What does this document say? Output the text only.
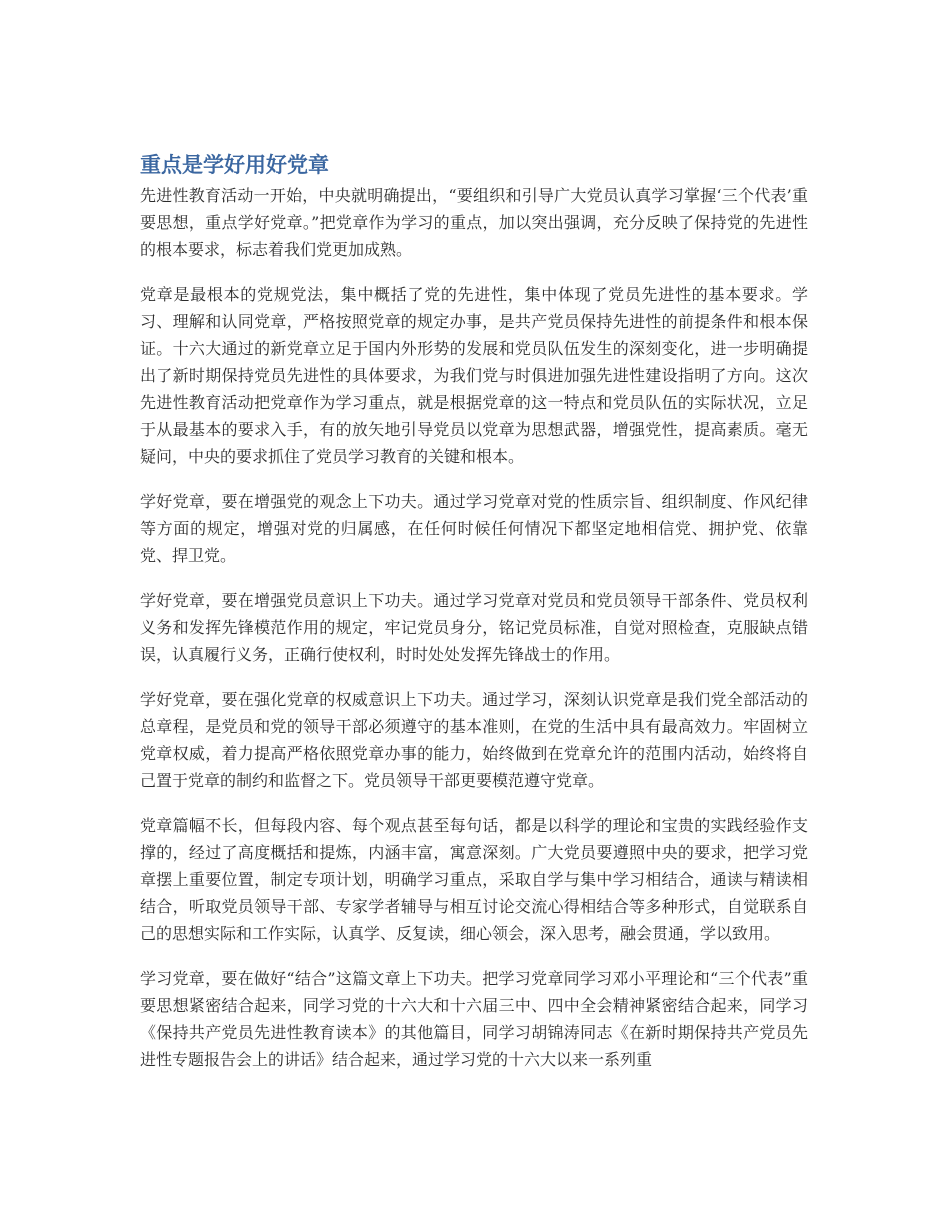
重点是学好用好党章

先进性教育活动一开始，中央就明确提出，“要组织和引导广大党员认真学习掌握‘三个代表’重要思想，重点学好党章。”把党章作为学习的重点，加以突出强调，充分反映了保持党的先进性的根本要求，标志着我们党更加成熟。

党章是最根本的党规党法，集中概括了党的先进性，集中体现了党员先进性的基本要求。学习、理解和认同党章，严格按照党章的规定办事，是共产党员保持先进性的前提条件和根本保证。十六大通过的新党章立足于国内外形势的发展和党员队伍发生的深刻变化，进一步明确提出了新时期保持党员先进性的具体要求，为我们党与时俱进加强先进性建设指明了方向。这次先进性教育活动把党章作为学习重点，就是根据党章的这一特点和党员队伍的实际状况，立足于从最基本的要求入手，有的放矢地引导党员以党章为思想武器，增强党性，提高素质。毫无疑问，中央的要求抓住了党员学习教育的关键和根本。

学好党章，要在增强党的观念上下功夫。通过学习党章对党的性质宗旨、组织制度、作风纪律等方面的规定，增强对党的归属感，在任何时候任何情况下都坚定地相信党、拥护党、依靠党、捍卫党。

学好党章，要在增强党员意识上下功夫。通过学习党章对党员和党员领导干部条件、党员权利义务和发挥先锋模范作用的规定，牢记党员身分，铭记党员标准，自觉对照检查，克服缺点错误，认真履行义务，正确行使权利，时时处处发挥先锋战士的作用。

学好党章，要在强化党章的权威意识上下功夫。通过学习，深刻认识党章是我们党全部活动的总章程，是党员和党的领导干部必须遵守的基本准则，在党的生活中具有最高效力。牢固树立党章权威，着力提高严格依照党章办事的能力，始终做到在党章允许的范围内活动，始终将自己置于党章的制约和监督之下。党员领导干部更要模范遵守党章。

党章篇幅不长，但每段内容、每个观点甚至每句话，都是以科学的理论和宝贵的实践经验作支撑的，经过了高度概括和提炼，内涵丰富，寓意深刻。广大党员要遵照中央的要求，把学习党章摆上重要位置，制定专项计划，明确学习重点，采取自学与集中学习相结合，通读与精读相结合，听取党员领导干部、专家学者辅导与相互讨论交流心得相结合等多种形式，自觉联系自己的思想实际和工作实际，认真学、反复读，细心领会，深入思考，融会贯通，学以致用。

学习党章，要在做好“结合”这篇文章上下功夫。把学习党章同学习邓小平理论和“三个代表”重要思想紧密结合起来，同学习党的十六大和十六届三中、四中全会精神紧密结合起来，同学习《保持共产党员先进性教育读本》的其他篇目，同学习胡锦涛同志《在新时期保持共产党员先进性专题报告会上的讲话》结合起来，通过学习党的十六大以来一系列重
